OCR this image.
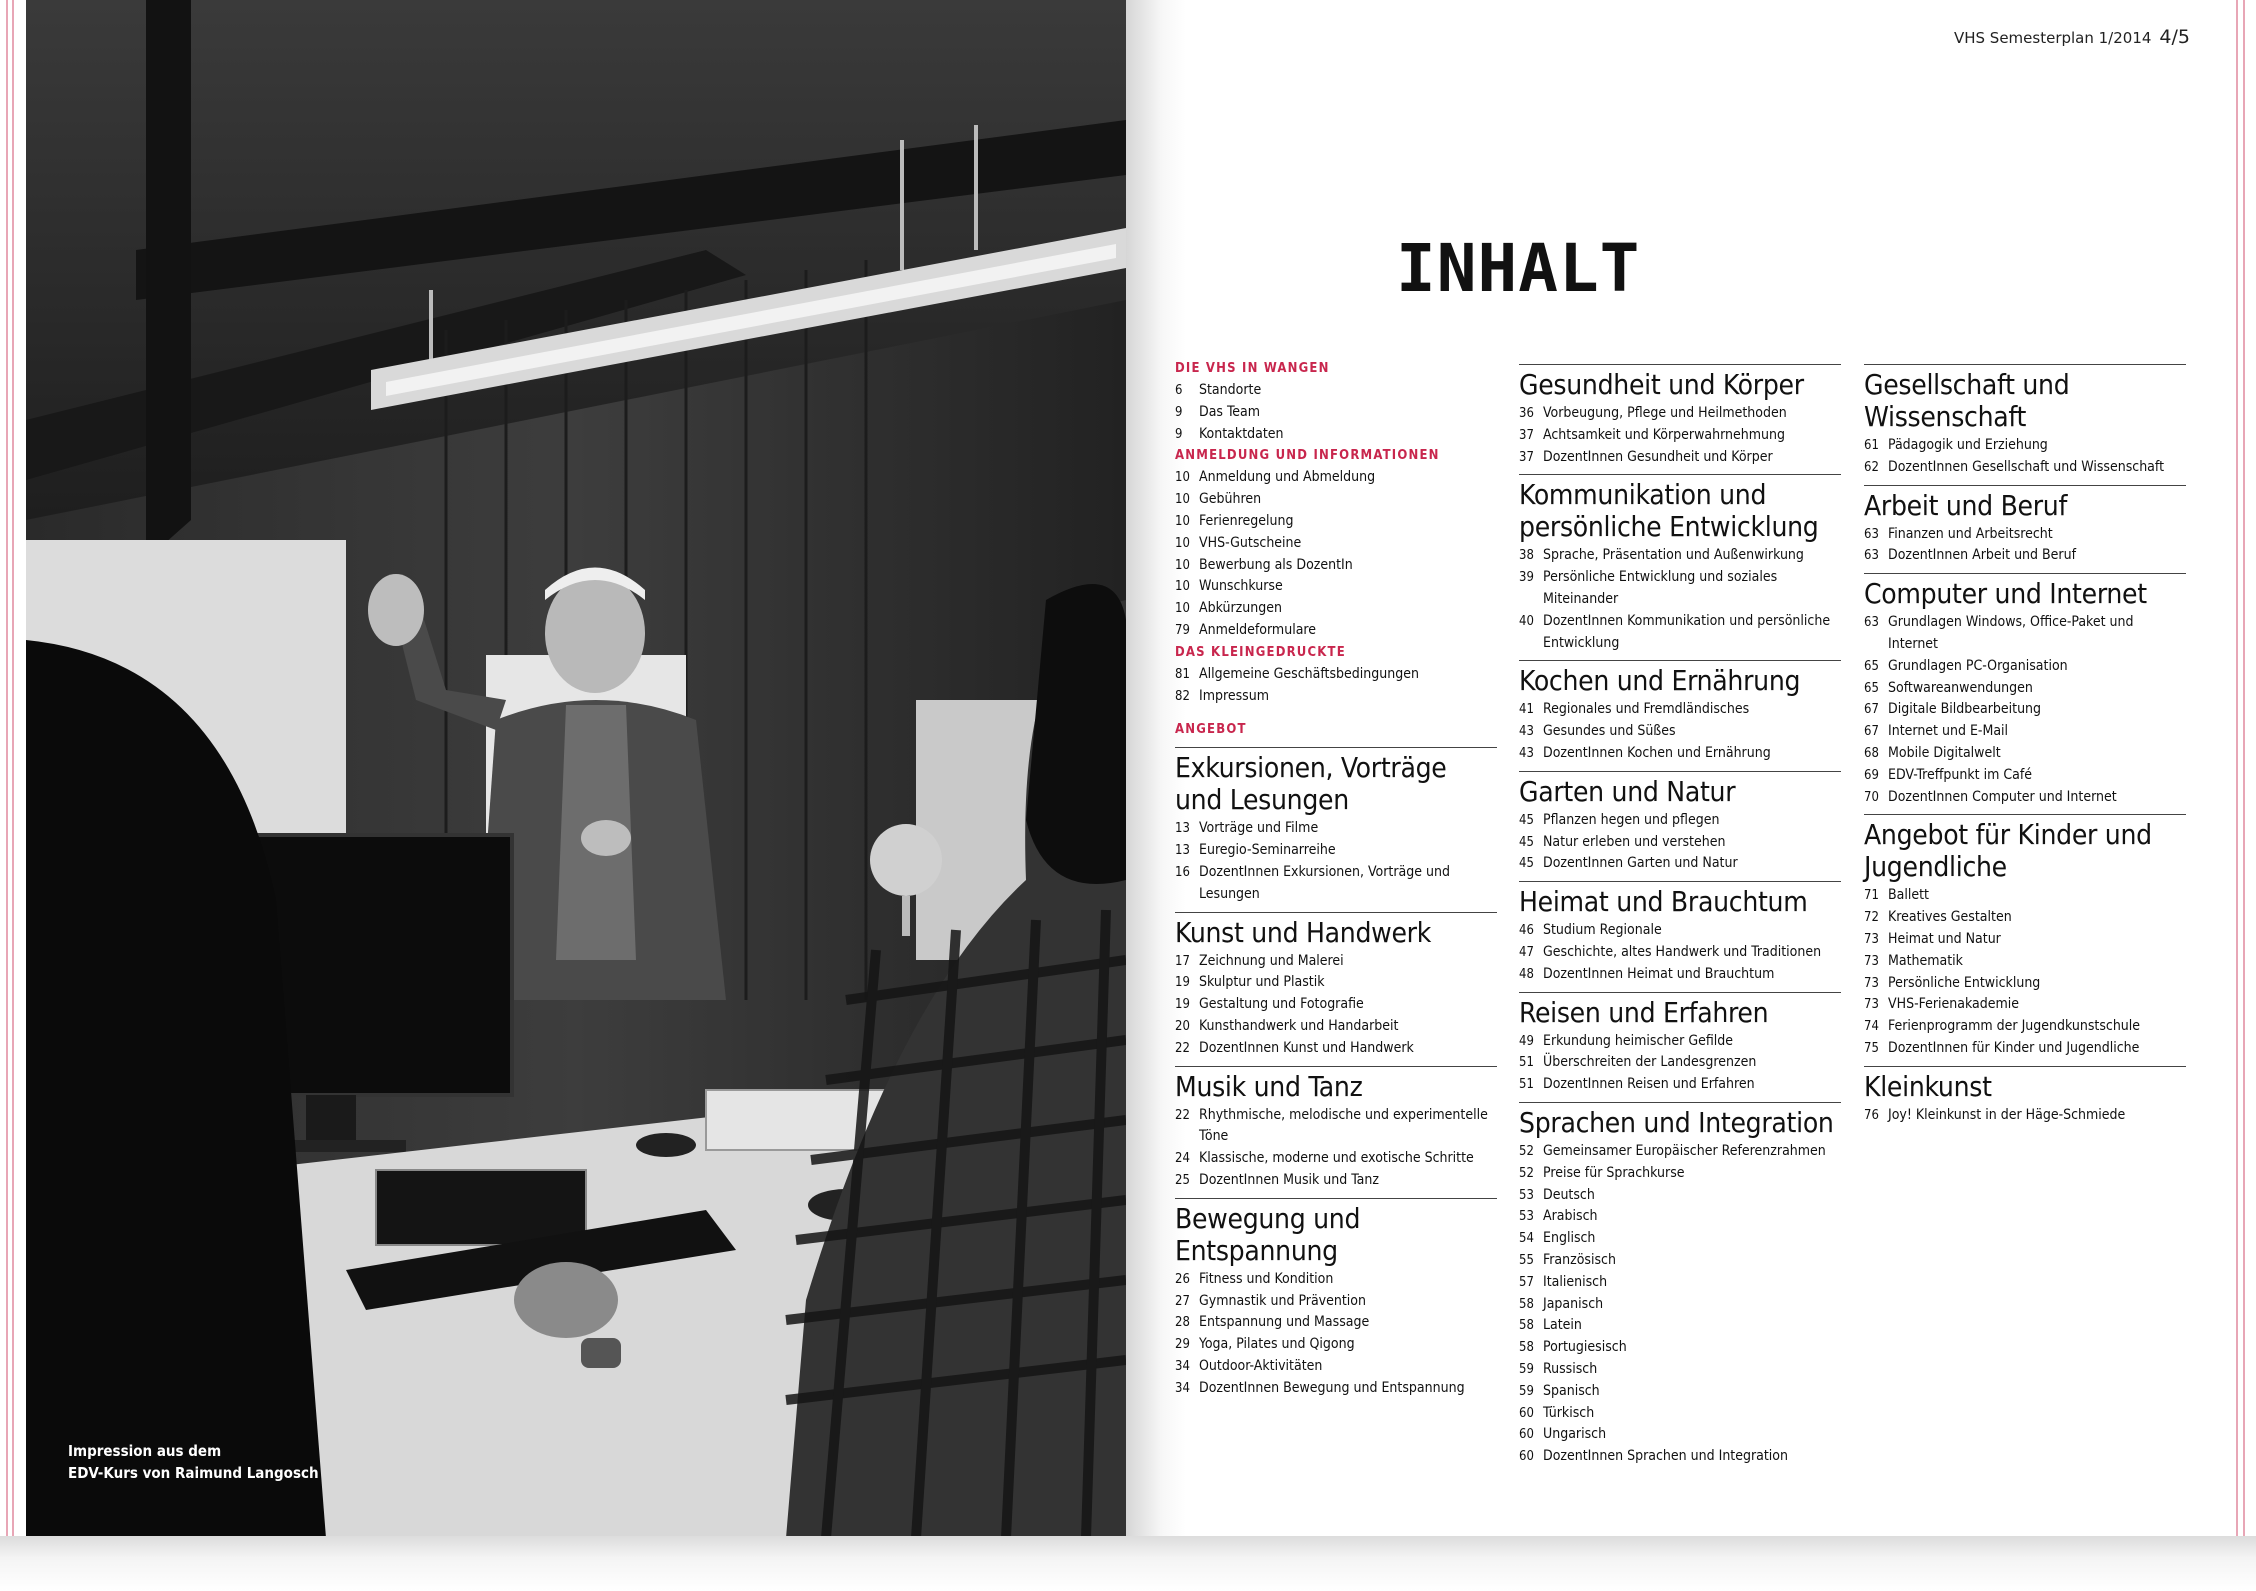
Impression aus dem
EDV-Kurs von Raimund Langosch
VHS Semesterplan 1/2014 4/5
INHALT
DIE VHS IN WANGEN
6	Standorte
9	Das Team
9	Kontaktdaten
ANMELDUNG UND INFORMATIONEN
10 Anmeldung und Abmeldung
10 Gebühren
10 Ferienregelung
10 VHS-Gutscheine
10 Bewerbung als DozentIn
10 Wunschkurse
10 Abkürzungen
79 Anmeldeformulare
DAS KLEINGEDRUCKTE
81 Allgemeine Geschäftsbedingungen
82 Impressum
ANGEBOT
Exkursionen, Vorträge und Lesungen
13 Vorträge und Filme
13 Euregio-Seminarreihe
16 DozentInnen Exkursionen, Vorträge und Lesungen
Kunst und Handwerk
17 Zeichnung und Malerei
19 Skulptur und Plastik
19 Gestaltung und Fotografie
20 Kunsthandwerk und Handarbeit
22 DozentInnen Kunst und Handwerk
Musik und Tanz
22 Rhythmische, melodische und experimentelle Töne
24 Klassische, moderne und exotische Schritte
25 DozentInnen Musik und Tanz
Bewegung und Entspannung
26 Fitness und Kondition
27 Gymnastik und Prävention
28 Entspannung und Massage
29 Yoga, Pilates und Qigong
34 Outdoor-Aktivitäten
34 DozentInnen Bewegung und Entspannung
Gesundheit und Körper
36 Vorbeugung, Pflege und Heilmethoden
37 Achtsamkeit und Körperwahrnehmung
37 DozentInnen Gesundheit und Körper
Kommunikation und persönliche Entwicklung
38 Sprache, Präsentation und Außenwirkung
39 Persönliche Entwicklung und soziales Miteinander
40 DozentInnen Kommunikation und persönliche Entwicklung
Kochen und Ernährung
41 Regionales und Fremdländisches
43 Gesundes und Süßes
43 DozentInnen Kochen und Ernährung
Garten und Natur
45 Pflanzen hegen und pflegen
45 Natur erleben und verstehen
45 DozentInnen Garten und Natur
Heimat und Brauchtum
46 Studium Regionale
47 Geschichte, altes Handwerk und Traditionen
48 DozentInnen Heimat und Brauchtum
Reisen und Erfahren
49 Erkundung heimischer Gefilde
51 Überschreiten der Landesgrenzen
51 DozentInnen Reisen und Erfahren
Sprachen und Integration
52 Gemeinsamer Europäischer Referenzrahmen
52 Preise für Sprachkurse
53 Deutsch
53 Arabisch
54 Englisch
55 Französisch
57 Italienisch
58 Japanisch
58 Latein
58 Portugiesisch
59 Russisch
59 Spanisch
60 Türkisch
60 Ungarisch
60 DozentInnen Sprachen und Integration
Gesellschaft und Wissenschaft
61 Pädagogik und Erziehung
62 DozentInnen Gesellschaft und Wissenschaft
Arbeit und Beruf
63 Finanzen und Arbeitsrecht
63 DozentInnen Arbeit und Beruf
Computer und Internet
63 Grundlagen Windows, Office-Paket und Internet
65 Grundlagen PC-Organisation
65 Softwareanwendungen
67 Digitale Bildbearbeitung
67 Internet und E-Mail
68 Mobile Digitalwelt
69 EDV-Treffpunkt im Café
70 DozentInnen Computer und Internet
Angebot für Kinder und Jugendliche
71 Ballett
72 Kreatives Gestalten
73 Heimat und Natur
73 Mathematik
73 Persönliche Entwicklung
73 VHS-Ferienakademie
74 Ferienprogramm der Jugendkunstschule
75 DozentInnen für Kinder und Jugendliche
Kleinkunst
76 Joy! Kleinkunst in der Häge-Schmiede
